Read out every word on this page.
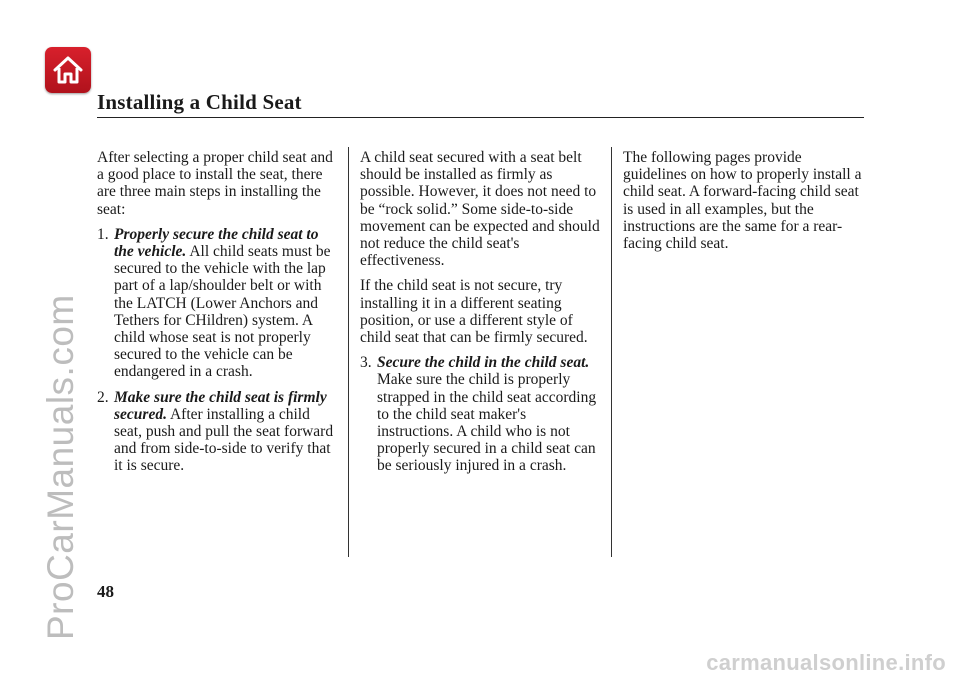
Installing a Child Seat

After selecting a proper child seat and a good place to install the seat, there are three main steps in installing the seat:

1. Properly secure the child seat to the vehicle. All child seats must be secured to the vehicle with the lap part of a lap/shoulder belt or with the LATCH (Lower Anchors and Tethers for CHildren) system. A child whose seat is not properly secured to the vehicle can be endangered in a crash.
2. Make sure the child seat is firmly secured. After installing a child seat, push and pull the seat forward and from side-to-side to verify that it is secure.

A child seat secured with a seat belt should be installed as firmly as possible. However, it does not need to be “rock solid.” Some side-to-side movement can be expected and should not reduce the child seat's effectiveness.

If the child seat is not secure, try installing it in a different seating position, or use a different style of child seat that can be firmly secured.

3. Secure the child in the child seat. Make sure the child is properly strapped in the child seat according to the child seat maker's instructions. A child who is not properly secured in a child seat can be seriously injured in a crash.

The following pages provide guidelines on how to properly install a child seat. A forward-facing child seat is used in all examples, but the instructions are the same for a rear-facing child seat.

48
ProCarManuals.com
carmanualsonline.info
